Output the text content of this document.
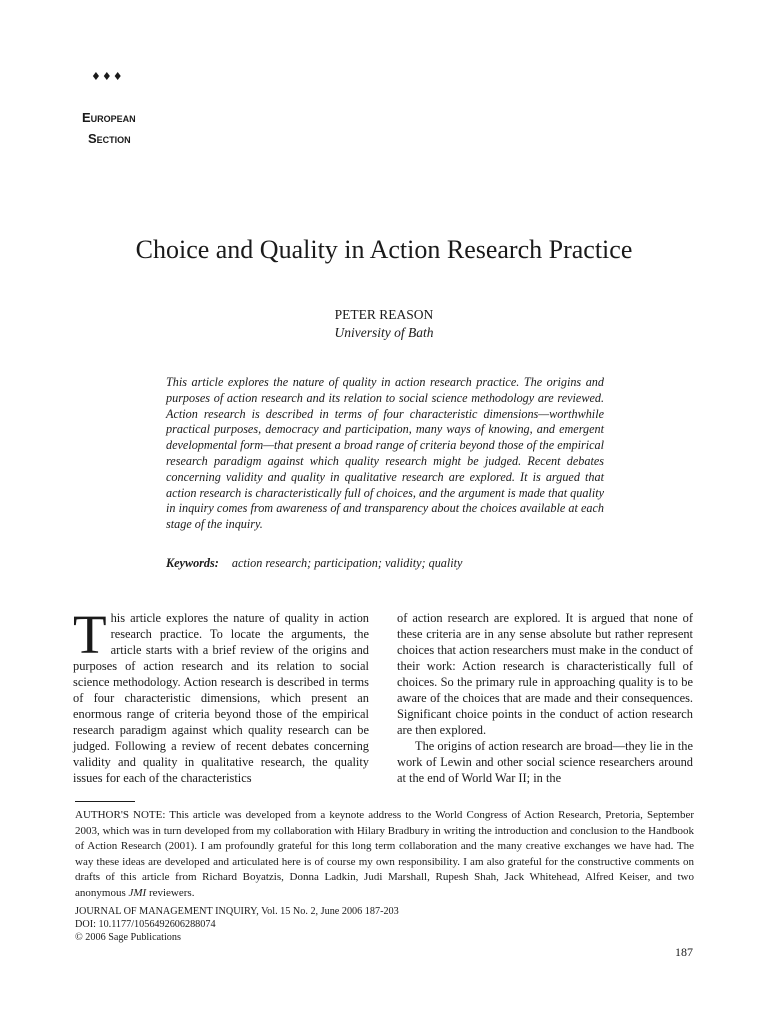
♦♦♦
European
Section
Choice and Quality in Action Research Practice
PETER REASON
University of Bath

This article explores the nature of quality in action research practice. The origins and purposes of action research and its relation to social science methodology are reviewed. Action research is described in terms of four characteristic dimensions—worthwhile practical purposes, democracy and participation, many ways of knowing, and emergent developmental form—that present a broad range of criteria beyond those of the empirical research paradigm against which quality research might be judged. Recent debates concerning validity and quality in qualitative research are explored. It is argued that action research is characteristically full of choices, and the argument is made that quality in inquiry comes from awareness of and transparency about the choices available at each stage of the inquiry.

Keywords: action research; participation; validity; quality
This article explores the nature of quality in action research practice. To locate the arguments, the article starts with a brief review of the origins and purposes of action research and its relation to social science methodology. Action research is described in terms of four characteristic dimensions, which present an enormous range of criteria beyond those of the empirical research paradigm against which quality research can be judged. Following a review of recent debates concerning validity and quality in qualitative research, the quality issues for each of the characteristics

of action research are explored. It is argued that none of these criteria are in any sense absolute but rather represent choices that action researchers must make in the conduct of their work: Action research is characteristically full of choices. So the primary rule in approaching quality is to be aware of the choices that are made and their consequences. Significant choice points in the conduct of action research are then explored.

The origins of action research are broad—they lie in the work of Lewin and other social science researchers around at the end of World War II; in the

AUTHOR'S NOTE: This article was developed from a keynote address to the World Congress of Action Research, Pretoria, September 2003, which was in turn developed from my collaboration with Hilary Bradbury in writing the introduction and conclusion to the Handbook of Action Research (2001). I am profoundly grateful for this long term collaboration and the many creative exchanges we have had. The way these ideas are developed and articulated here is of course my own responsibility. I am also grateful for the constructive comments on drafts of this article from Richard Boyatzis, Donna Ladkin, Judi Marshall, Rupesh Shah, Jack Whitehead, Alfred Keiser, and two anonymous JMI reviewers.

JOURNAL OF MANAGEMENT INQUIRY, Vol. 15 No. 2, June 2006 187-203
DOI: 10.1177/1056492606288074
© 2006 Sage Publications
187
